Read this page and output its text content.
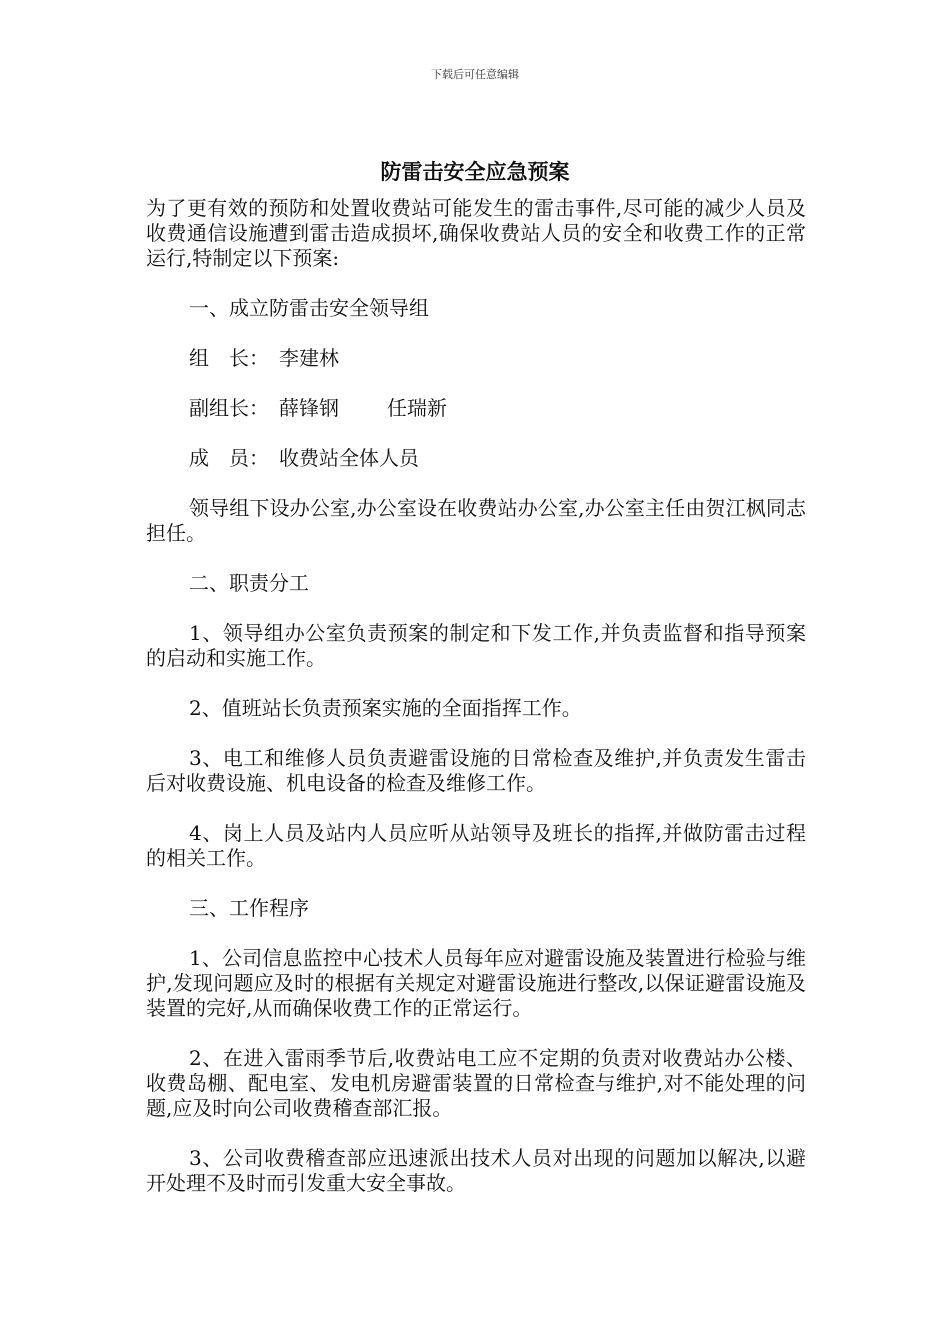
下载后可任意编辑
防雷击安全应急预案

为了更有效的预防和处置收费站可能发生的雷击事件,尽可能的减少人员及收费通信设施遭到雷击造成损坏,确保收费站人员的安全和收费工作的正常运行,特制定以下预案:

一、成立防雷击安全领导组

组　长： 李建林
副组长： 薛锋钢 任瑞新
成　员： 收费站全体人员

领导组下设办公室,办公室设在收费站办公室,办公室主任由贺江枫同志担任。

二、职责分工

1、领导组办公室负责预案的制定和下发工作,并负责监督和指导预案的启动和实施工作。

2、值班站长负责预案实施的全面指挥工作。

3、电工和维修人员负责避雷设施的日常检查及维护,并负责发生雷击后对收费设施、机电设备的检查及维修工作。

4、岗上人员及站内人员应听从站领导及班长的指挥,并做防雷击过程的相关工作。

三、工作程序

1、公司信息监控中心技术人员每年应对避雷设施及装置进行检验与维护,发现问题应及时的根据有关规定对避雷设施进行整改,以保证避雷设施及装置的完好,从而确保收费工作的正常运行。

2、在进入雷雨季节后,收费站电工应不定期的负责对收费站办公楼、收费岛棚、配电室、发电机房避雷装置的日常检查与维护,对不能处理的问题,应及时向公司收费稽查部汇报。

3、公司收费稽查部应迅速派出技术人员对出现的问题加以解决,以避开处理不及时而引发重大安全事故。
